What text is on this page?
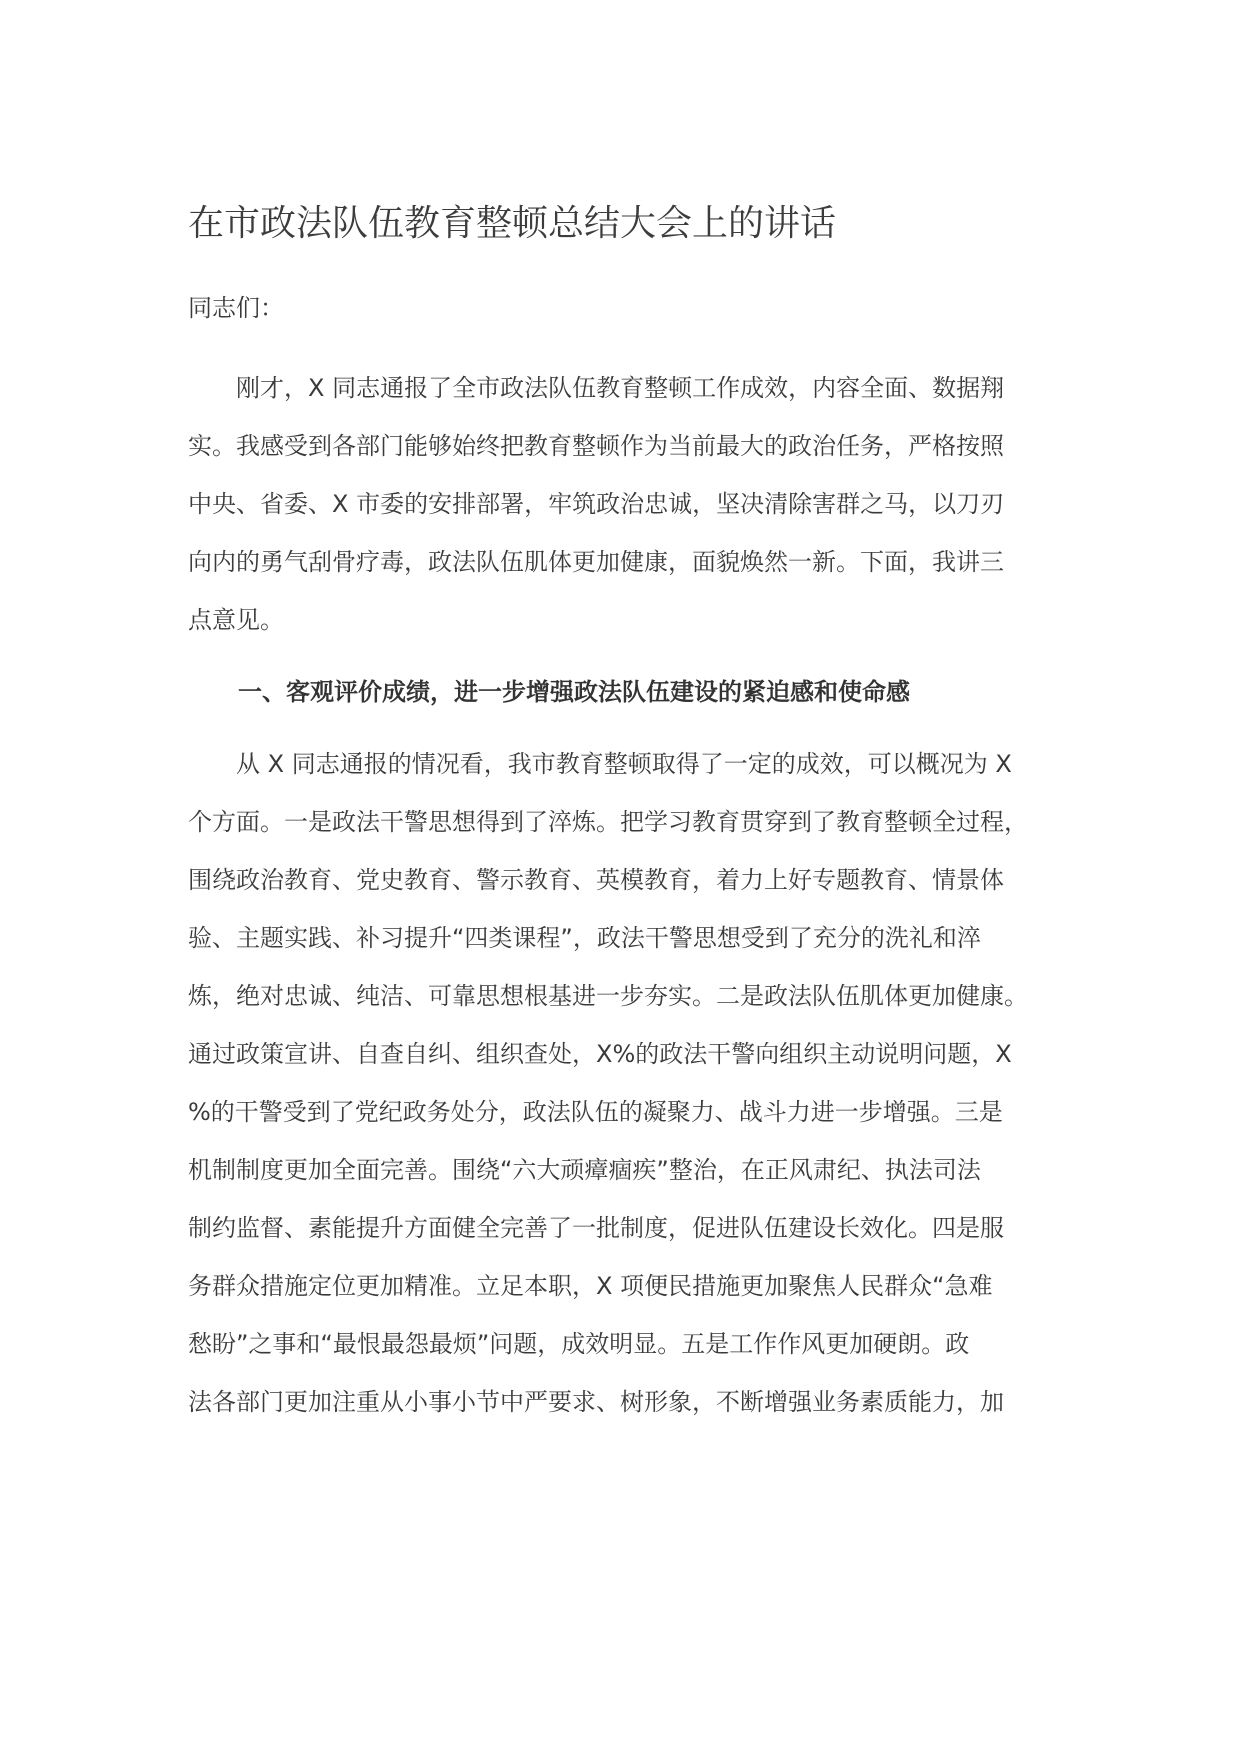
在市政法队伍教育整顿总结大会上的讲话
同志们：
　　刚才，X 同志通报了全市政法队伍教育整顿工作成效，内容全面、数据翔
实。我感受到各部门能够始终把教育整顿作为当前最大的政治任务，严格按照
中央、省委、X 市委的安排部署，牢筑政治忠诚，坚决清除害群之马，以刀刃
向内的勇气刮骨疗毒，政法队伍肌体更加健康，面貌焕然一新。下面，我讲三
点意见。
一、客观评价成绩，进一步增强政法队伍建设的紧迫感和使命感
　　从 X 同志通报的情况看，我市教育整顿取得了一定的成效，可以概况为 X
个方面。一是政法干警思想得到了淬炼。把学习教育贯穿到了教育整顿全过程，
围绕政治教育、党史教育、警示教育、英模教育，着力上好专题教育、情景体
验、主题实践、补习提升“四类课程”，政法干警思想受到了充分的洗礼和淬
炼，绝对忠诚、纯洁、可靠思想根基进一步夯实。二是政法队伍肌体更加健康。
通过政策宣讲、自查自纠、组织查处，X%的政法干警向组织主动说明问题，X
%的干警受到了党纪政务处分，政法队伍的凝聚力、战斗力进一步增强。三是
机制制度更加全面完善。围绕“六大顽瘴痼疾”整治，在正风肃纪、执法司法
制约监督、素能提升方面健全完善了一批制度，促进队伍建设长效化。四是服
务群众措施定位更加精准。立足本职，X 项便民措施更加聚焦人民群众“急难
愁盼”之事和“最恨最怨最烦”问题，成效明显。五是工作作风更加硬朗。政
法各部门更加注重从小事小节中严要求、树形象，不断增强业务素质能力，加
